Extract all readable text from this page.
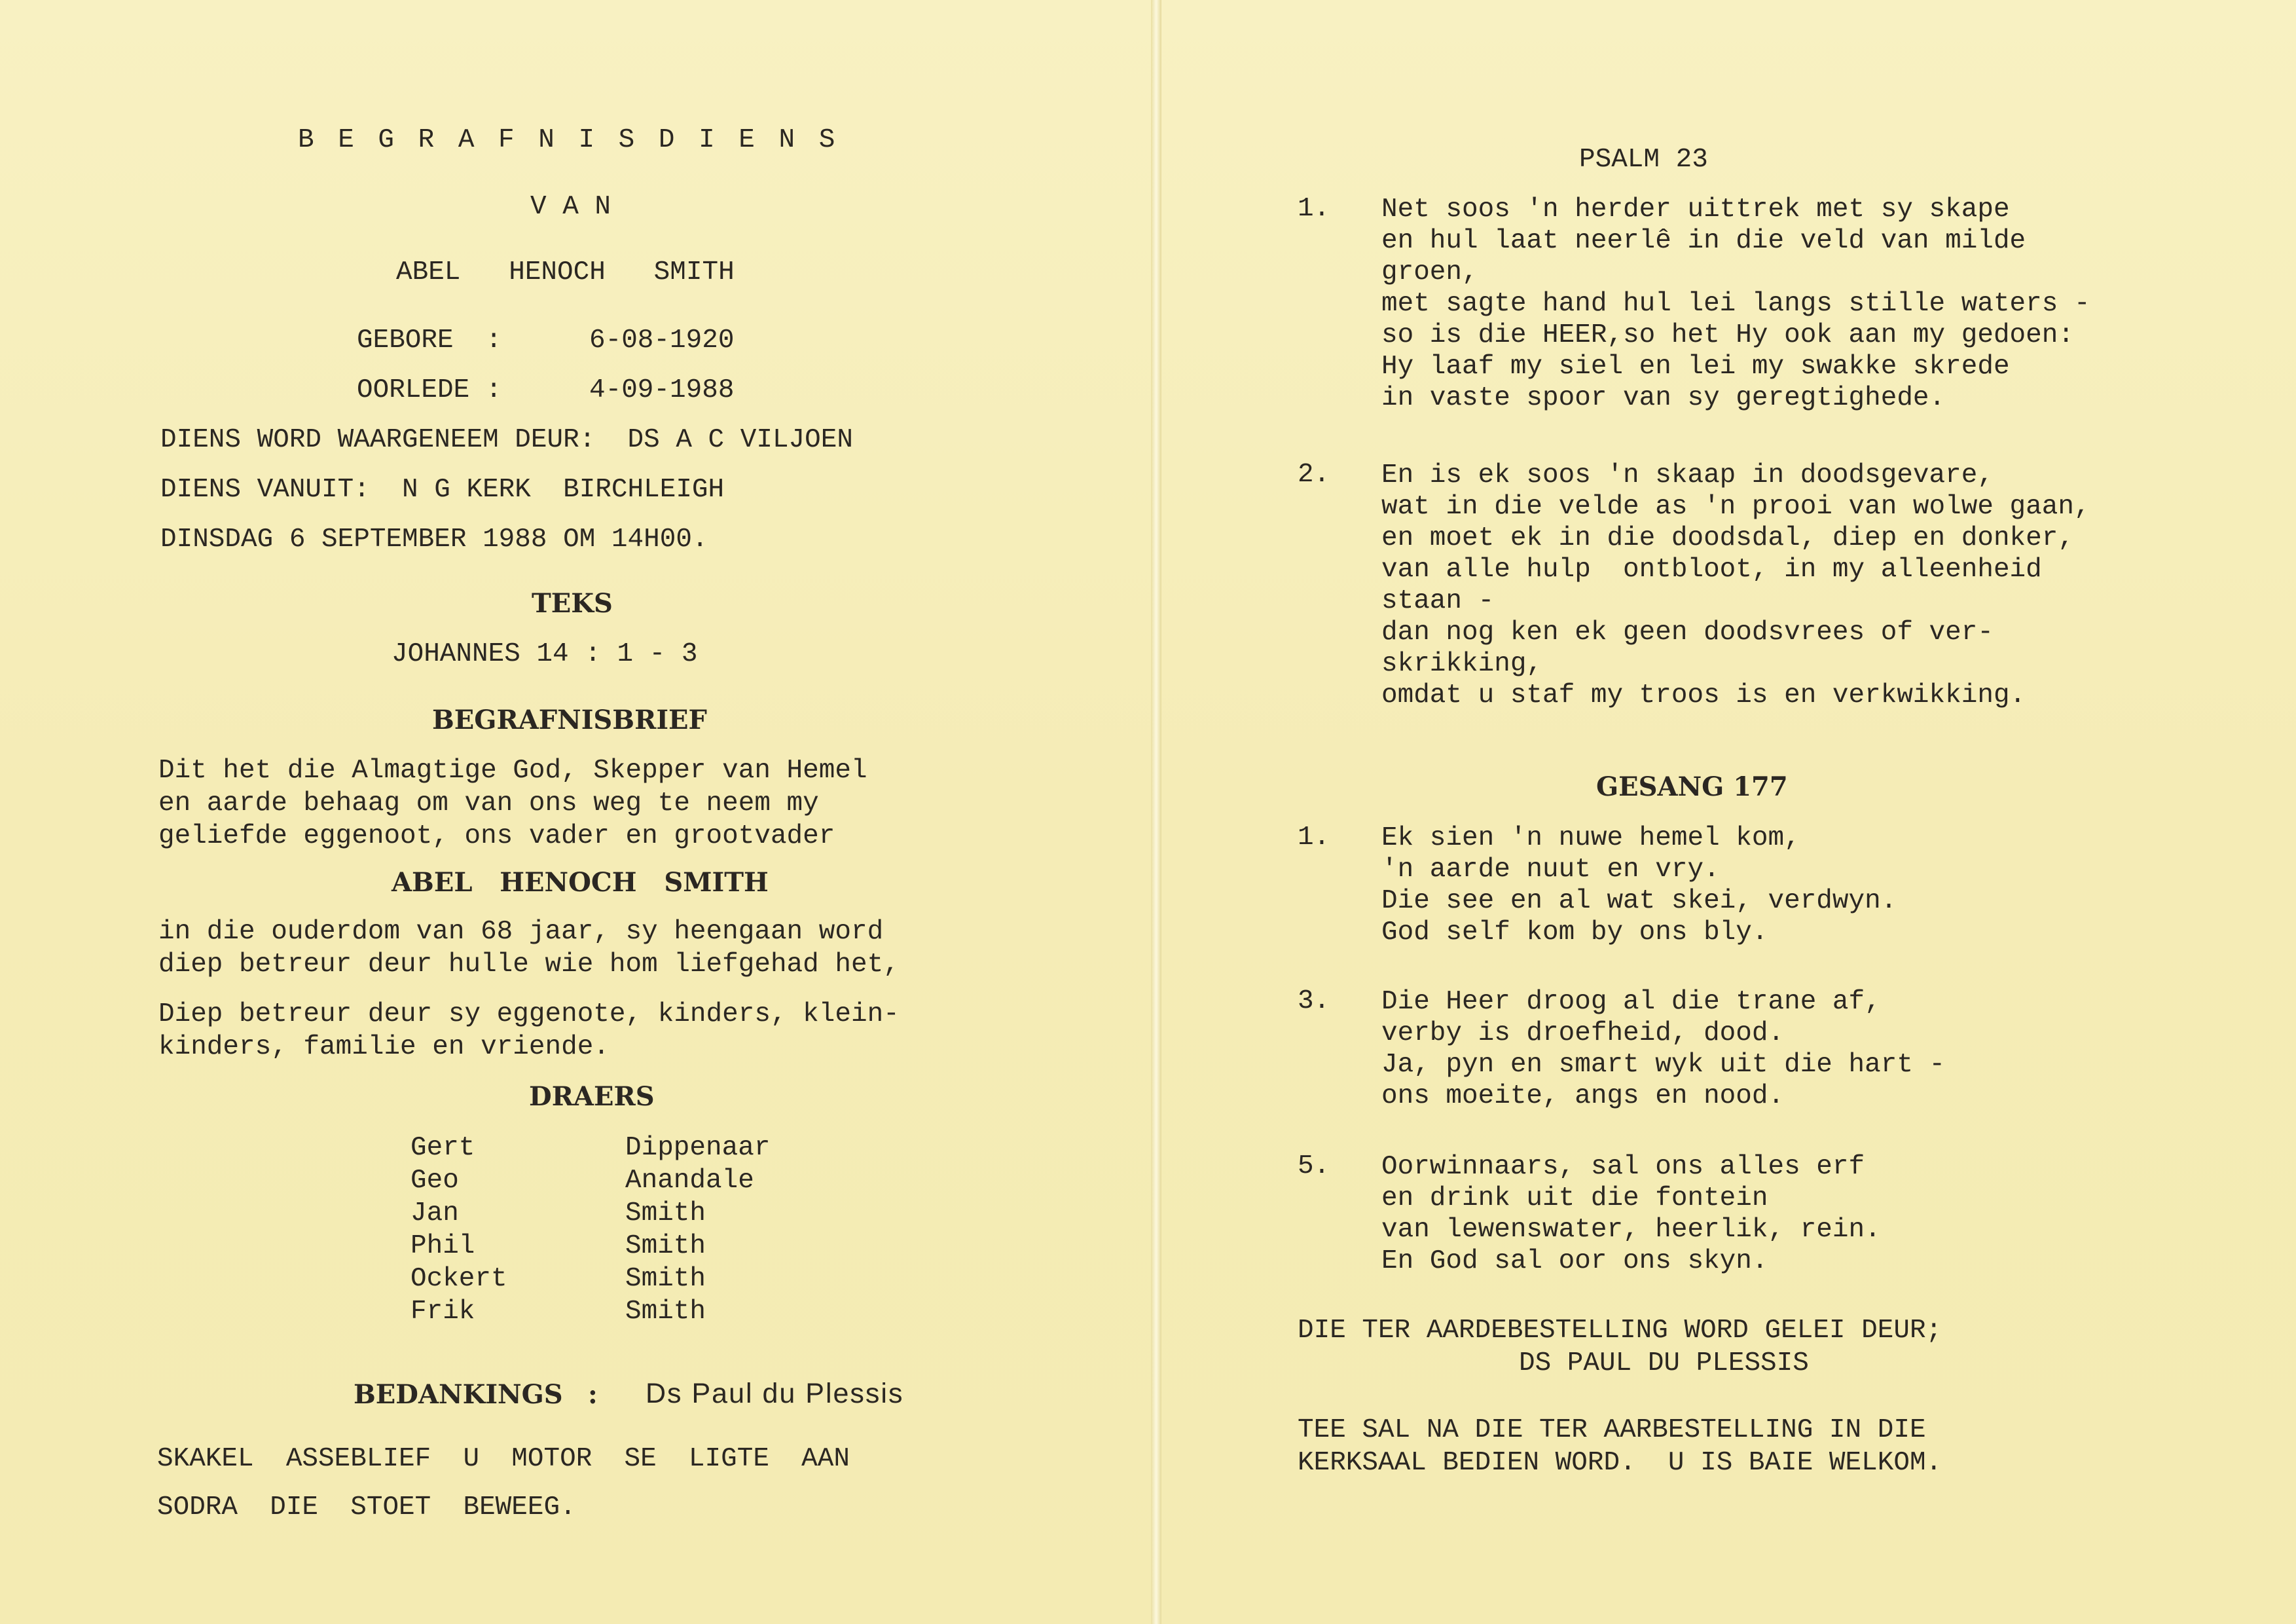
B E G R A F N I S D I E N S
V A N
ABEL   HENOCH   SMITH
GEBORE  :	6-08-1920
OORLEDE :	4-09-1988
DIENS WORD WAARGENEEM DEUR:  DS A C VILJOEN
DIENS VANUIT:  N G KERK  BIRCHLEIGH
DINSDAG 6 SEPTEMBER 1988 OM 14H00.
TEKS
JOHANNES 14 : 1 - 3
BEGRAFNISBRIEF
Dit het die Almagtige God, Skepper van Hemel
en aarde behaag om van ons weg te neem my
geliefde eggenoot, ons vader en grootvader
ABEL   HENOCH   SMITH
in die ouderdom van 68 jaar, sy heengaan word
diep betreur deur hulle wie hom liefgehad het,
Diep betreur deur sy eggenote, kinders, klein-
kinders, familie en vriende.
DRAERS
Gert	Dippenaar
Geo	Anandale
Jan	Smith
Phil	Smith
Ockert	Smith
Frik	Smith
BEDANKINGS : Ds Paul du Plessis
SKAKEL  ASSEBLIEF  U  MOTOR  SE  LIGTE  AAN
SODRA  DIE  STOET  BEWEEG.
PSALM 23
1. Net soos 'n herder uittrek met sy skape
en hul laat neerlê in die veld van milde
groen,
met sagte hand hul lei langs stille waters -
so is die HEER,so het Hy ook aan my gedoen:
Hy laaf my siel en lei my swakke skrede
in vaste spoor van sy geregtighede.
2. En is ek soos 'n skaap in doodsgevare,
wat in die velde as 'n prooi van wolwe gaan,
en moet ek in die doodsdal, diep en donker,
van alle hulp  ontbloot, in my alleenheid
staan -
dan nog ken ek geen doodsvrees of ver-
skrikking,
omdat u staf my troos is en verkwikking.
GESANG 177
1. Ek sien 'n nuwe hemel kom,
'n aarde nuut en vry.
Die see en al wat skei, verdwyn.
God self kom by ons bly.
3. Die Heer droog al die trane af,
verby is droefheid, dood.
Ja, pyn en smart wyk uit die hart -
ons moeite, angs en nood.
5. Oorwinnaars, sal ons alles erf
en drink uit die fontein
van lewenswater, heerlik, rein.
En God sal oor ons skyn.
DIE TER AARDEBESTELLING WORD GELEI DEUR;
DS PAUL DU PLESSIS
TEE SAL NA DIE TER AARBESTELLING IN DIE
KERKSAAL BEDIEN WORD.  U IS BAIE WELKOM.
